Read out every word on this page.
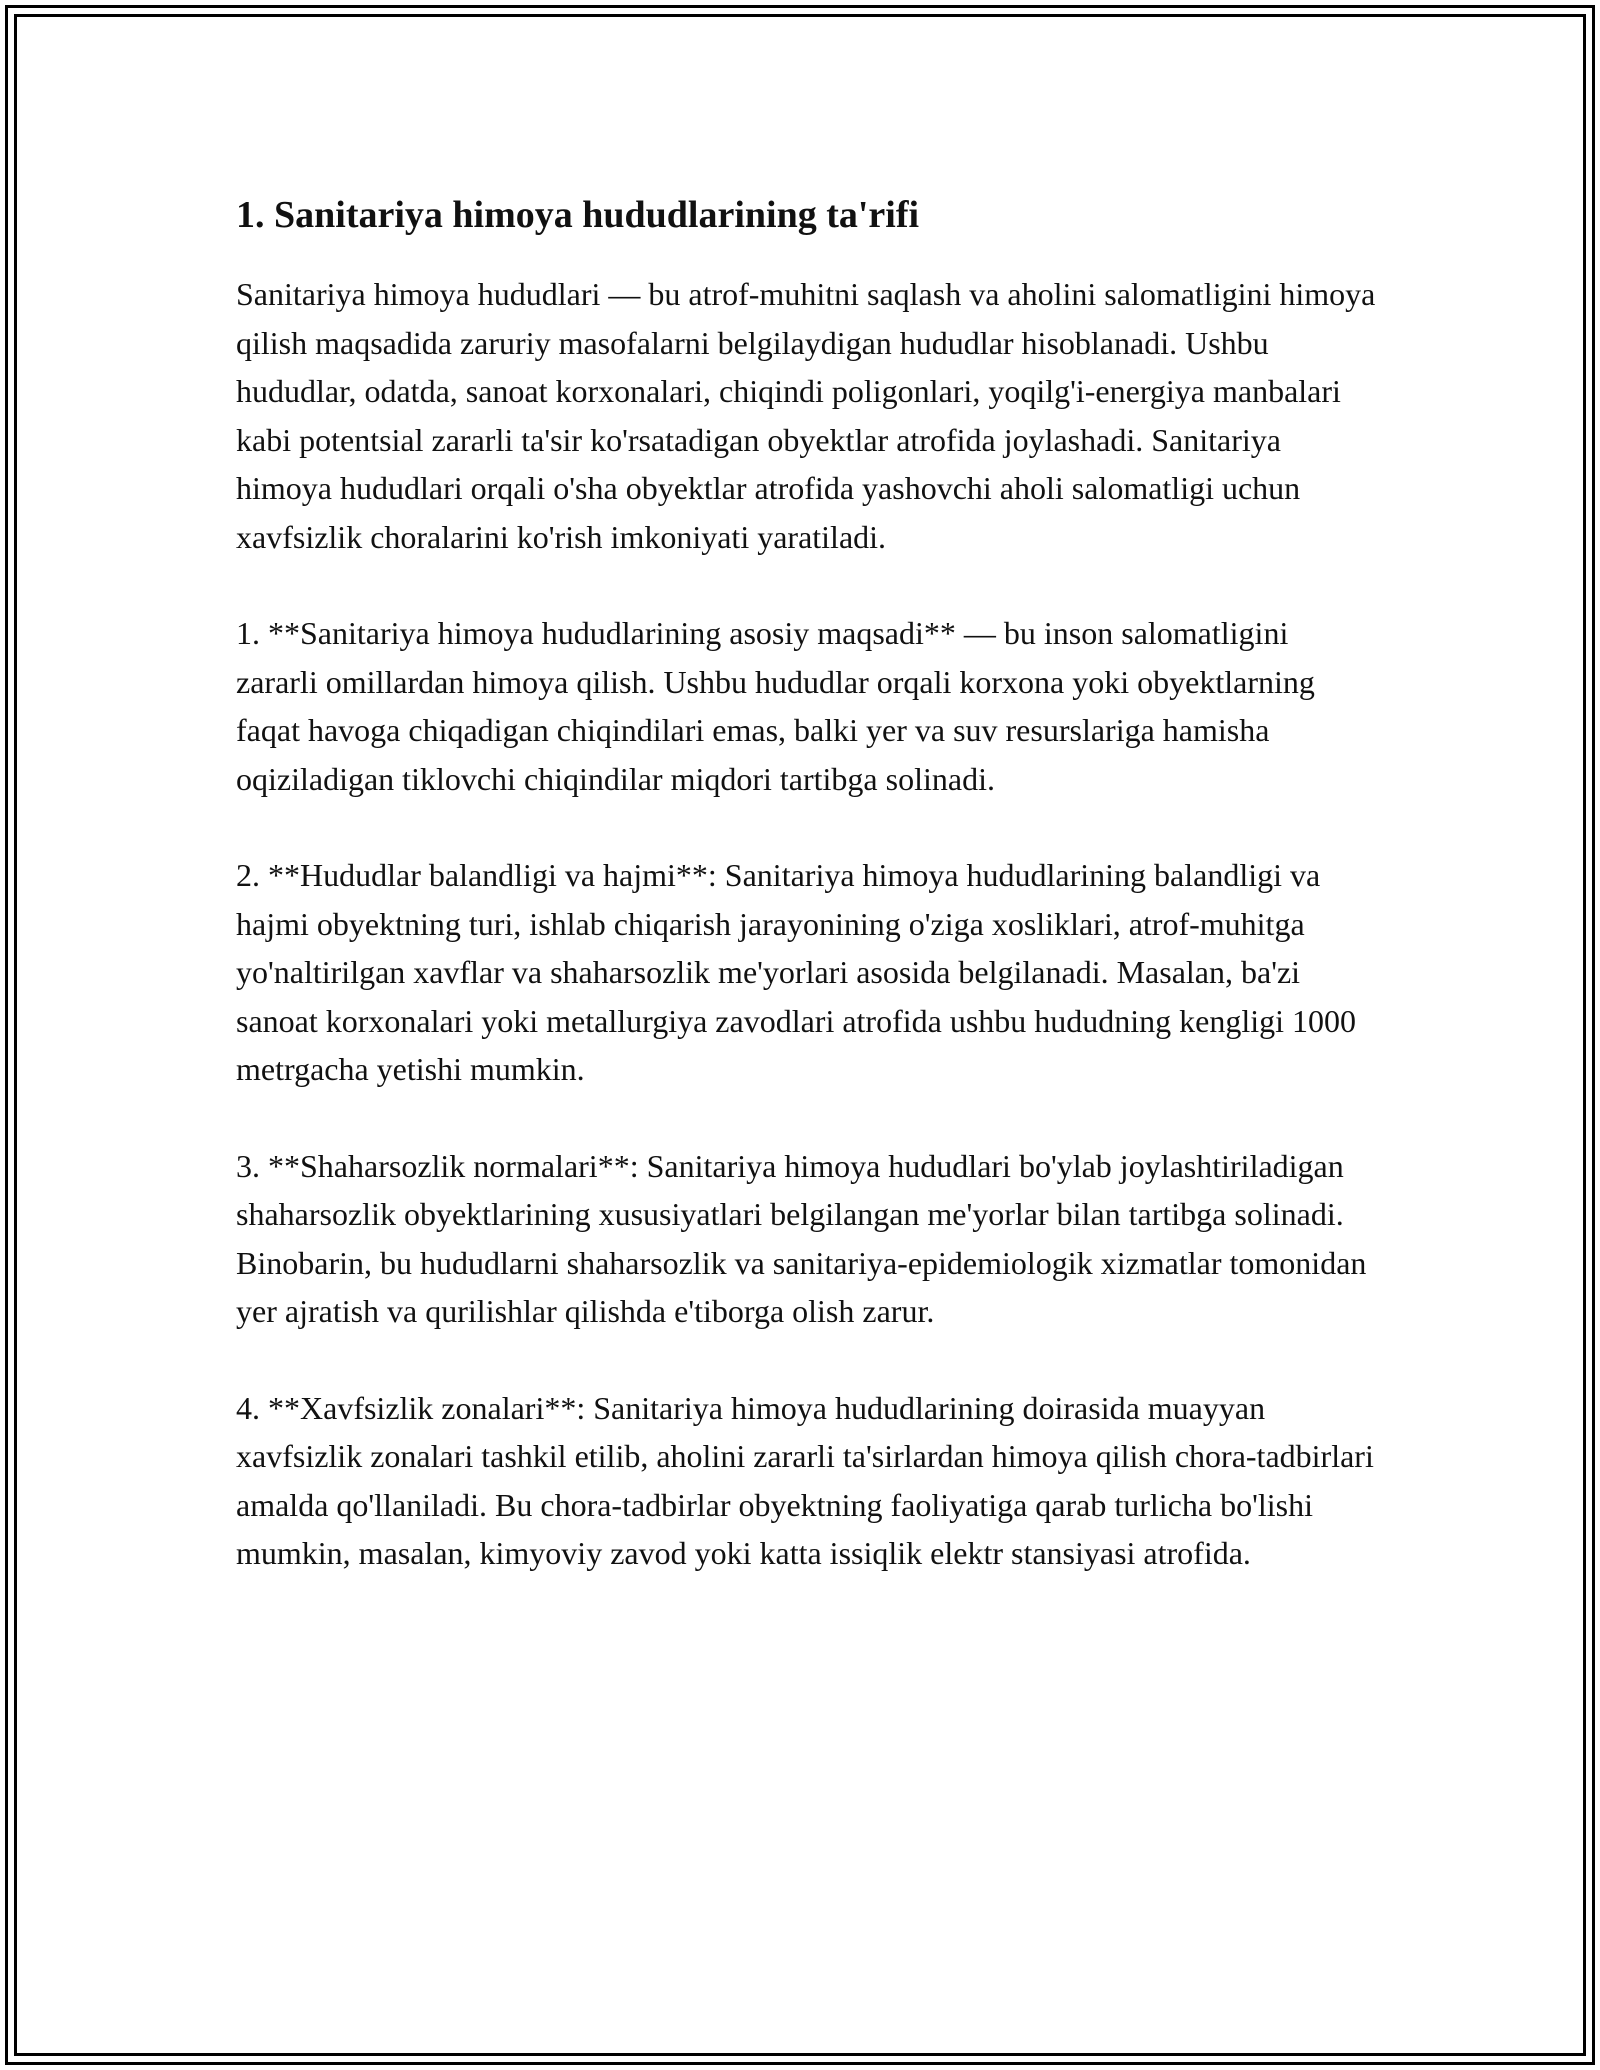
1. Sanitariya himoya hududlarining ta'rifi

Sanitariya himoya hududlari — bu atrof-muhitni saqlash va aholini salomatligini himoya qilish maqsadida zaruriy masofalarni belgilaydigan hududlar hisoblanadi. Ushbu hududlar, odatda, sanoat korxonalari, chiqindi poligonlari, yoqilg'i-energiya manbalari kabi potentsial zararli ta'sir ko'rsatadigan obyektlar atrofida joylashadi. Sanitariya himoya hududlari orqali o'sha obyektlar atrofida yashovchi aholi salomatligi uchun xavfsizlik choralarini ko'rish imkoniyati yaratiladi.

1. **Sanitariya himoya hududlarining asosiy maqsadi** — bu inson salomatligini zararli omillardan himoya qilish. Ushbu hududlar orqali korxona yoki obyektlarning faqat havoga chiqadigan chiqindilari emas, balki yer va suv resurslariga hamisha oqiziladigan tiklovchi chiqindilar miqdori tartibga solinadi.

2. **Hududlar balandligi va hajmi**: Sanitariya himoya hududlarining balandligi va hajmi obyektning turi, ishlab chiqarish jarayonining o'ziga xosliklari, atrof-muhitga yo'naltirilgan xavflar va shaharsozlik me'yorlari asosida belgilanadi. Masalan, ba'zi sanoat korxonalari yoki metallurgiya zavodlari atrofida ushbu hududning kengligi 1000 metrgacha yetishi mumkin.

3. **Shaharsozlik normalari**: Sanitariya himoya hududlari bo'ylab joylashtiriladigan shaharsozlik obyektlarining xususiyatlari belgilangan me'yorlar bilan tartibga solinadi. Binobarin, bu hududlarni shaharsozlik va sanitariya-epidemiologik xizmatlar tomonidan yer ajratish va qurilishlar qilishda e'tiborga olish zarur.

4. **Xavfsizlik zonalari**: Sanitariya himoya hududlarining doirasida muayyan xavfsizlik zonalari tashkil etilib, aholini zararli ta'sirlardan himoya qilish chora-tadbirlari amalda qo'llaniladi. Bu chora-tadbirlar obyektning faoliyatiga qarab turlicha bo'lishi mumkin, masalan, kimyoviy zavod yoki katta issiqlik elektr stansiyasi atrofida.
